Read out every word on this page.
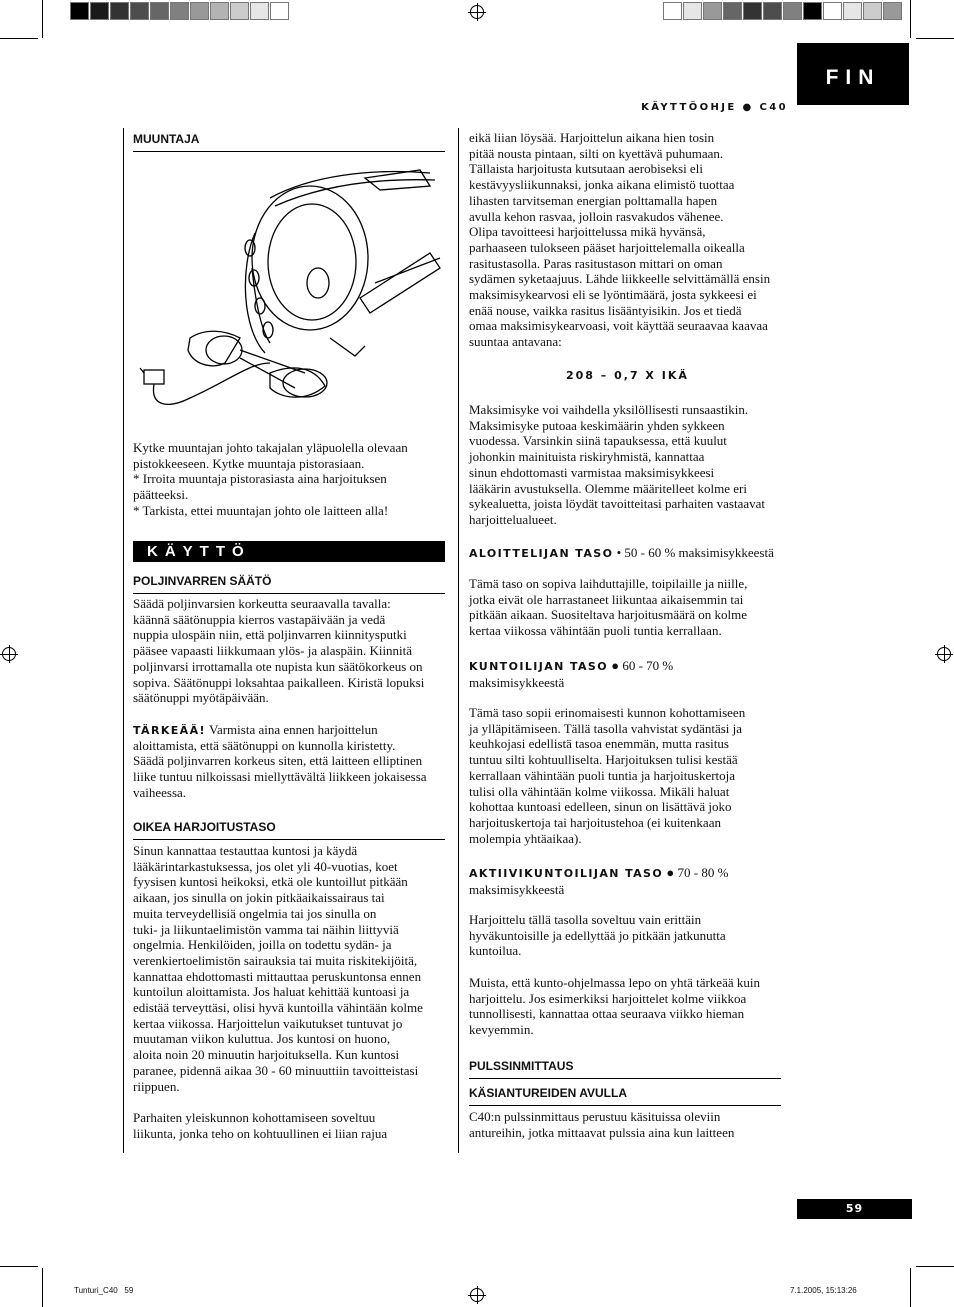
FIN
KÄYTTÖOHJE ● C40
MUUNTAJA
Kytke muuntajan johto takajalan yläpuolella olevaan
pistokkeeseen. Kytke muuntaja pistorasiaan.
* Irroita muuntaja pistorasiasta aina harjoituksen
päätteeksi.
* Tarkista, ettei muuntajan johto ole laitteen alla!
KÄYTTÖ
POLJINVARREN SÄÄTÖ
Säädä poljinvarsien korkeutta seuraavalla tavalla:
käännä säätönuppia kierros vastapäivään ja vedä
nuppia ulospäin niin, että poljinvarren kiinnitysputki
pääsee vapaasti liikkumaan ylös- ja alaspäin. Kiinnitä
poljinvarsi irrottamalla ote nupista kun säätökorkeus on
sopiva. Säätönuppi loksahtaa paikalleen. Kiristä lopuksi
säätönuppi myötäpäivään.
TÄRKEÄÄ! Varmista aina ennen harjoittelun
aloittamista, että säätönuppi on kunnolla kiristetty.
Säädä poljinvarren korkeus siten, että laitteen elliptinen
liike tuntuu nilkoissasi miellyttävältä liikkeen jokaisessa
vaiheessa.
OIKEA HARJOITUSTASO
Sinun kannattaa testauttaa kuntosi ja käydä
lääkärintarkastuksessa, jos olet yli 40-vuotias, koet
fyysisen kuntosi heikoksi, etkä ole kuntoillut pitkään
aikaan, jos sinulla on jokin pitkäaikaissairaus tai
muita terveydellisiä ongelmia tai jos sinulla on
tuki- ja liikuntaelimistön vamma tai näihin liittyviä
ongelmia. Henkilöiden, joilla on todettu sydän- ja
verenkiertoelimistön sairauksia tai muita riskitekijöitä,
kannattaa ehdottomasti mittauttaa peruskuntonsa ennen
kuntoilun aloittamista. Jos haluat kehittää kuntoasi ja
edistää terveyttäsi, olisi hyvä kuntoilla vähintään kolme
kertaa viikossa. Harjoittelun vaikutukset tuntuvat jo
muutaman viikon kuluttua. Jos kuntosi on huono,
aloita noin 20 minuutin harjoituksella. Kun kuntosi
paranee, pidennä aikaa 30 - 60 minuuttiin tavoitteistasi
riippuen.
Parhaiten yleiskunnon kohottamiseen soveltuu
liikunta, jonka teho on kohtuullinen ei liian rajua
eikä liian löysää. Harjoittelun aikana hien tosin
pitää nousta pintaan, silti on kyettävä puhumaan.
Tällaista harjoitusta kutsutaan aerobiseksi eli
kestävyysliikunnaksi, jonka aikana elimistö tuottaa
lihasten tarvitseman energian polttamalla hapen
avulla kehon rasvaa, jolloin rasvakudos vähenee.
Olipa tavoitteesi harjoittelussa mikä hyvänsä,
parhaaseen tulokseen pääset harjoittelemalla oikealla
rasitustasolla. Paras rasitustason mittari on oman
sydämen syketaajuus. Lähde liikkeelle selvittämällä ensin
maksimisykearvosi eli se lyöntimäärä, josta sykkeesi ei
enää nouse, vaikka rasitus lisääntyisikin. Jos et tiedä
omaa maksimisykearvoasi, voit käyttää seuraavaa kaavaa
suuntaa antavana:
208 – 0,7 X IKÄ
Maksimisyke voi vaihdella yksilöllisesti runsaastikin.
Maksimisyke putoaa keskimäärin yhden sykkeen
vuodessa. Varsinkin siinä tapauksessa, että kuulut
johonkin mainituista riskiryhmistä, kannattaa
sinun ehdottomasti varmistaa maksimisykkeesi
lääkärin avustuksella. Olemme määritelleet kolme eri
sykealuetta, joista löydät tavoitteitasi parhaiten vastaavat
harjoittelualueet.
ALOITTELIJAN TASO • 50 - 60 % maksimisykkeestä
Tämä taso on sopiva laihduttajille, toipilaille ja niille,
jotka eivät ole harrastaneet liikuntaa aikaisemmin tai
pitkään aikaan. Suositeltava harjoitusmäärä on kolme
kertaa viikossa vähintään puoli tuntia kerrallaan.
KUNTOILIJAN TASO ● 60 - 70 %
maksimisykkeestä
Tämä taso sopii erinomaisesti kunnon kohottamiseen
ja ylläpitämiseen. Tällä tasolla vahvistat sydäntäsi ja
keuhkojasi edellistä tasoa enemmän, mutta rasitus
tuntuu silti kohtuulliselta. Harjoituksen tulisi kestää
kerrallaan vähintään puoli tuntia ja harjoituskertoja
tulisi olla vähintään kolme viikossa. Mikäli haluat
kohottaa kuntoasi edelleen, sinun on lisättävä joko
harjoituskertoja tai harjoitustehoa (ei kuitenkaan
molempia yhtäaikaa).
AKTIIVIKUNTOILIJAN TASO ● 70 - 80 %
maksimisykkeestä
Harjoittelu tällä tasolla soveltuu vain erittäin
hyväkuntoisille ja edellyttää jo pitkään jatkunutta
kuntoilua.
Muista, että kunto-ohjelmassa lepo on yhtä tärkeää kuin
harjoittelu. Jos esimerkiksi harjoittelet kolme viikkoa
tunnollisesti, kannattaa ottaa seuraava viikko hieman
kevyemmin.
PULSSINMITTAUS
KÄSIANTUREIDEN AVULLA
C40:n pulssinmittaus perustuu käsituissa oleviin
antureihin, jotka mittaavat pulssia aina kun laitteen
59
Tunturi_C40   59	7.1.2005, 15:13:26
